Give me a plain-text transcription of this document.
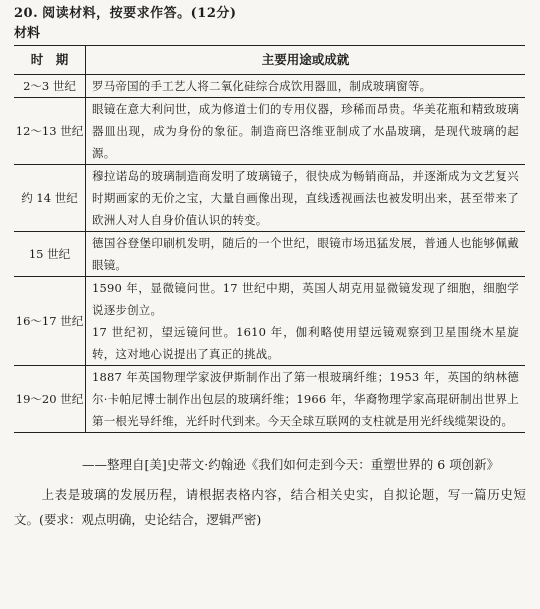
20. 阅读材料，按要求作答。(12分)
材料
时　期	主要用途或成就
2～3 世纪	罗马帝国的手工艺人将二氧化硅综合成饮用器皿，制成玻璃窗等。

12～13 世纪	眼镜在意大利问世，成为修道士们的专用仪器，珍稀而昂贵。华美花瓶和精致玻璃器皿出现，成为身份的象征。制造商巴洛维亚制成了水晶玻璃，是现代玻璃的起源。

约 14 世纪	穆拉诺岛的玻璃制造商发明了玻璃镜子，很快成为畅销商品，并逐渐成为文艺复兴时期画家的无价之宝，大量自画像出现，直线透视画法也被发明出来，甚至带来了欧洲人对人自身价值认识的转变。

15 世纪	德国谷登堡印刷机发明，随后的一个世纪，眼镜市场迅猛发展，普通人也能够佩戴眼镜。

16～17 世纪	1590 年，显微镜问世。17 世纪中期，英国人胡克用显微镜发现了细胞，细胞学说逐步创立。

17 世纪初，望远镜问世。1610 年，伽利略使用望远镜观察到卫星围绕木星旋转，这对地心说提出了真正的挑战。

19～20 世纪	1887 年英国物理学家波伊斯制作出了第一根玻璃纤维；1953 年，英国的纳林德尔·卡帕尼博士制作出包层的玻璃纤维；1966 年，华裔物理学家高琨研制出世界上第一根光导纤维，光纤时代到来。今天全球互联网的支柱就是用光纤线缆架设的。

——整理自[美]史蒂文·约翰逊《我们如何走到今天：重塑世界的 6 项创新》
上表是玻璃的发展历程，请根据表格内容，结合相关史实，自拟论题，写一篇历史短文。(要求：观点明确，史论结合，逻辑严密)
